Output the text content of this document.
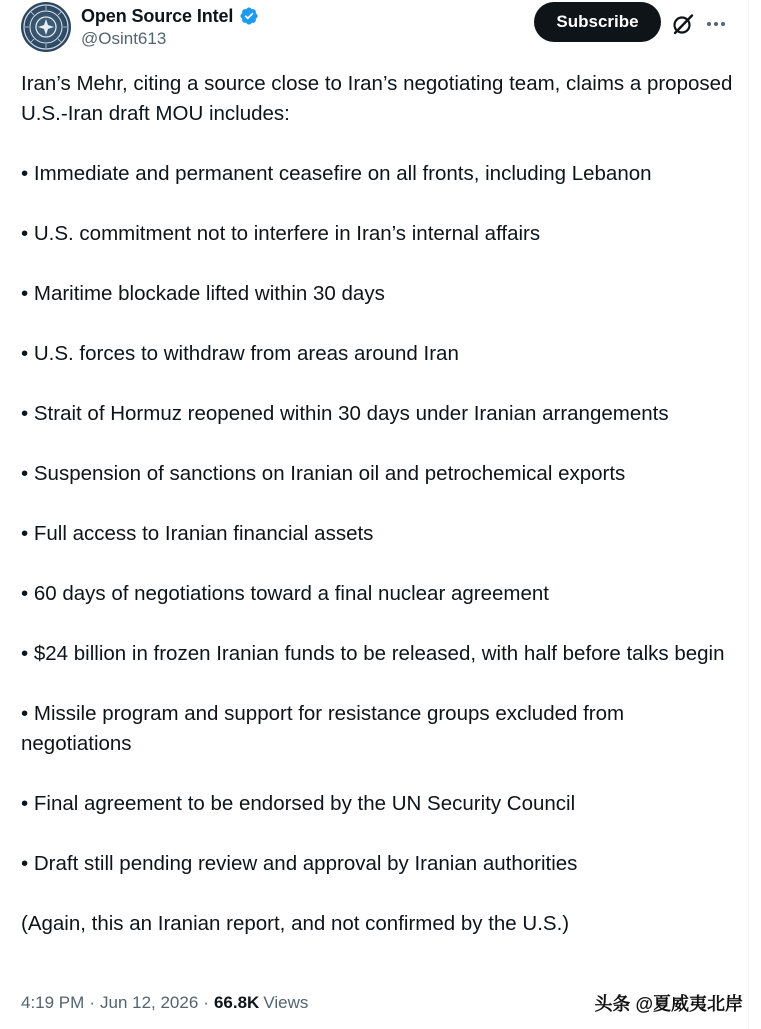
Open Source Intel
@Osint613
Subscribe

Iran’s Mehr, citing a source close to Iran’s negotiating team, claims a proposed U.S.-Iran draft MOU includes:

• Immediate and permanent ceasefire on all fronts, including Lebanon

• U.S. commitment not to interfere in Iran’s internal affairs

• Maritime blockade lifted within 30 days

• U.S. forces to withdraw from areas around Iran

• Strait of Hormuz reopened within 30 days under Iranian arrangements

• Suspension of sanctions on Iranian oil and petrochemical exports

• Full access to Iranian financial assets

• 60 days of negotiations toward a final nuclear agreement

• $24 billion in frozen Iranian funds to be released, with half before talks begin

• Missile program and support for resistance groups excluded from negotiations

• Final agreement to be endorsed by the UN Security Council

• Draft still pending review and approval by Iranian authorities

(Again, this an Iranian report, and not confirmed by the U.S.)

4:19 PM · Jun 12, 2026 · 66.8K Views	头条 @夏威夷北岸
